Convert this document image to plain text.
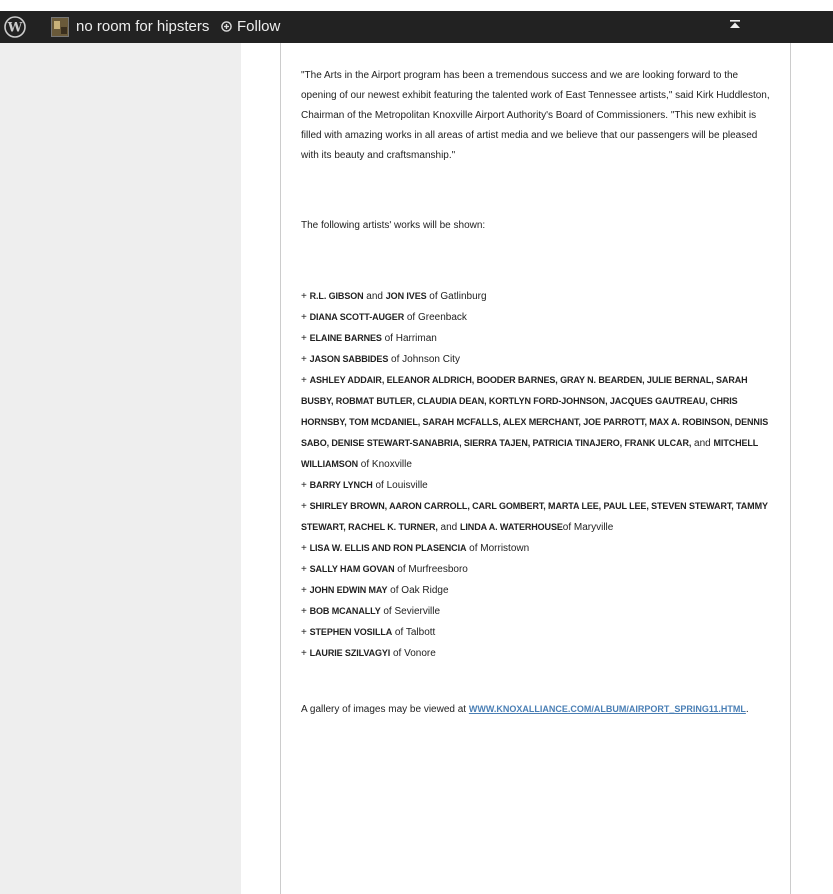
W	no room for hipsters Follow

"The Arts in the Airport program has been a tremendous success and we are looking forward to the opening of our newest exhibit featuring the talented work of East Tennessee artists," said Kirk Huddleston, Chairman of the Metropolitan Knoxville Airport Authority's Board of Commissioners. "This new exhibit is filled with amazing works in all areas of artist media and we believe that our passengers will be pleased with its beauty and craftsmanship."

The following artists' works will be shown:

+ R.L. GIBSON and JON IVES of Gatlinburg

+ DIANA SCOTT-AUGER of Greenback

+ ELAINE BARNES of Harriman

+ JASON SABBIDES of Johnson City

+ ASHLEY ADDAIR, ELEANOR ALDRICH, BOODER BARNES, GRAY N. BEARDEN, JULIE BERNAL, SARAH BUSBY, ROBMAT BUTLER, CLAUDIA DEAN, KORTLYN FORD-JOHNSON, JACQUES GAUTREAU, CHRIS HORNSBY, TOM MCDANIEL, SARAH MCFALLS, ALEX MERCHANT, JOE PARROTT, MAX A. ROBINSON, DENNIS SABO, DENISE STEWART-SANABRIA, SIERRA TAJEN, PATRICIA TINAJERO, FRANK ULCAR, and MITCHELL WILLIAMSON of Knoxville

+ BARRY LYNCH of Louisville

+ SHIRLEY BROWN, AARON CARROLL, CARL GOMBERT, MARTA LEE, PAUL LEE, STEVEN STEWART, TAMMY STEWART, RACHEL K. TURNER, and LINDA A. WATERHOUSEof Maryville

+ LISA W. ELLIS AND RON PLASENCIA of Morristown

+ SALLY HAM GOVAN of Murfreesboro

+ JOHN EDWIN MAY of Oak Ridge

+ BOB MCANALLY of Sevierville

+ STEPHEN VOSILLA of Talbott

+ LAURIE SZILVAGYI of Vonore

A gallery of images may be viewed at WWW.KNOXALLIANCE.COM/ALBUM/AIRPORT_SPRING11.HTML.
